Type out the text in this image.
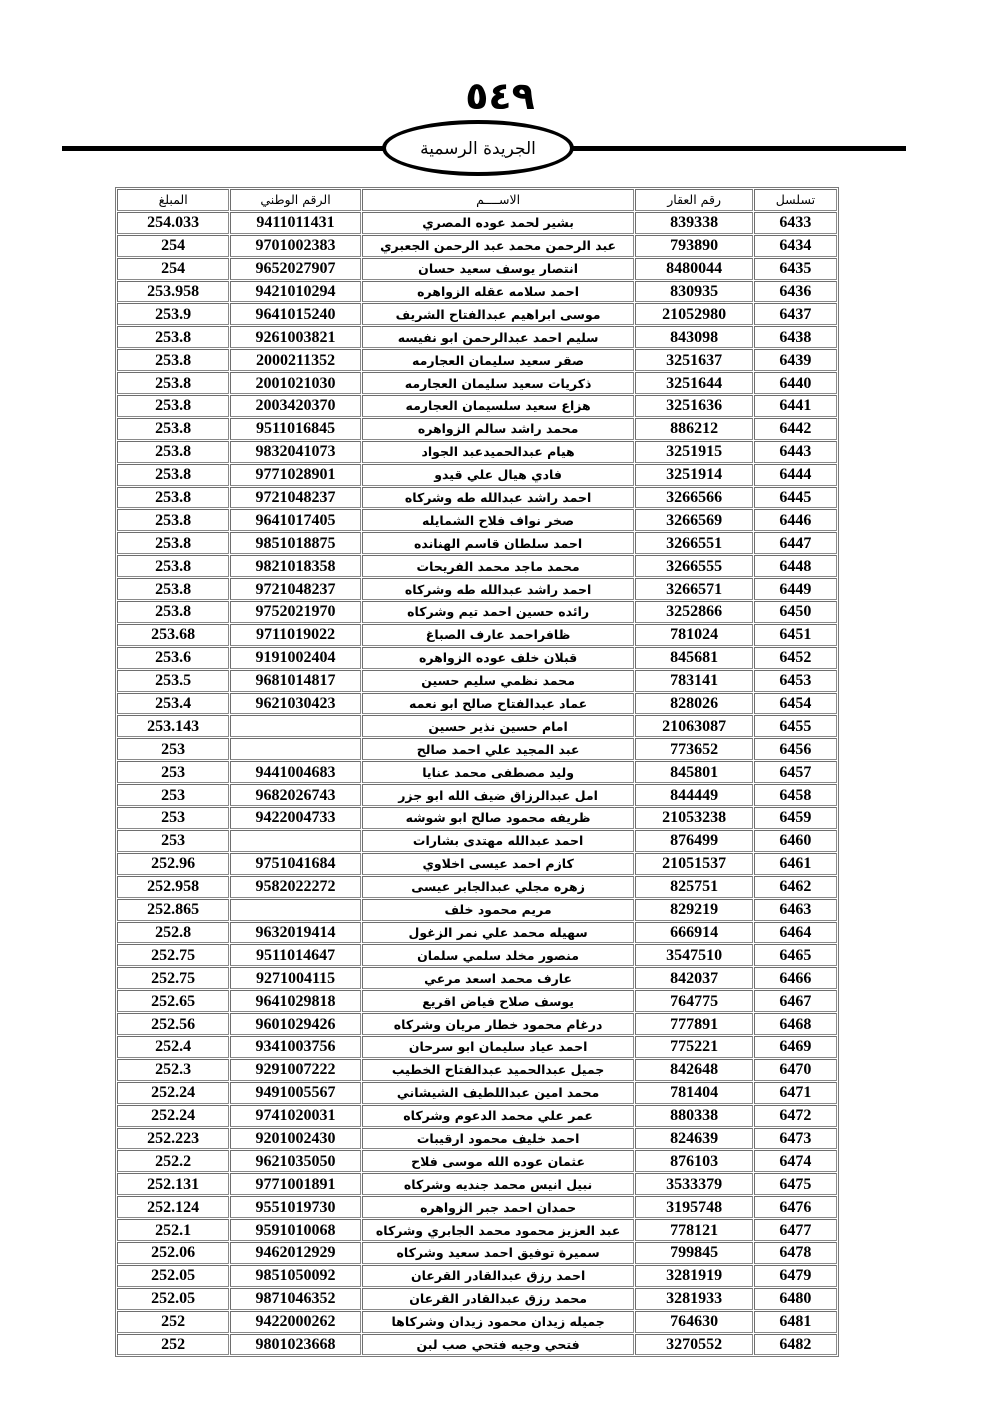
٥٤٩
الجريدة الرسمية
تسلسل	رقم العقار	الاســــم	الرقم الوطني	المبلغ
6433	839338	بشير لحمد عوده المصري	9411011431	254.033
6434	793890	عبد الرحمن محمد عبد الرحمن الجعبري	9701002383	254
6435	8480044	انتصار يوسف سعيد حسان	9652027907	254
6436	830935	احمد سلامه عقله الزواهره	9421010294	253.958
6437	21052980	موسى ابراهيم عبدالفتاح الشريف	9641015240	253.9
6438	843098	سليم احمد عبدالرحمن ابو نفيسه	9261003821	253.8
6439	3251637	صقر سعيد سليمان العجارمه	2000211352	253.8
6440	3251644	ذكريات سعيد سليمان العجارمه	2001021030	253.8
6441	3251636	هزاع سعيد سلسيمان العجارمه	2003420370	253.8
6442	886212	محمد راشد سالم الزواهره	9511016845	253.8
6443	3251915	هيام عبدالحميدعبد الجواد	9832041073	253.8
6444	3251914	فادي هيال علي قيدو	9771028901	253.8
6445	3266566	احمد راشد عبدالله طه وشركاه	9721048237	253.8
6446	3266569	صخر نواف فلاح الشمايله	9641017405	253.8
6447	3266551	احمد سلطان قاسم الهنانده	9851018875	253.8
6448	3266555	محمد ماجد محمد الفريحات	9821018358	253.8
6449	3266571	احمد راشد عبدالله طه وشركاه	9721048237	253.8
6450	3252866	رائده حسين احمد تيم وشركاه	9752021970	253.8
6451	781024	ظافراحمد عارف الصباغ	9711019022	253.68
6452	845681	قبلان خلف عوده الزواهره	9191002404	253.6
6453	783141	محمد نظمي سليم حسين	9681014817	253.5
6454	828026	عماد عبدالفتاح صالح ابو نعمه	9621030423	253.4
6455	21063087	امام حسين نذير حسين		253.143
6456	773652	عبد المجيد علي احمد صالح		253
6457	845801	وليد مصطفى محمد عنايا	9441004683	253
6458	844449	امل عبدالرزاق ضيف الله ابو جزر	9682026743	253
6459	21053238	ظريفه محمود صالح ابو شوشه	9422004733	253
6460	876499	احمد عبدالله مهتدى بشارات		253
6461	21051537	كازم احمد عيسى اخلاوي	9751041684	252.96
6462	825751	زهره مجلي عبدالجابر عيسى	9582022272	252.958
6463	829219	مريم محمود خلف		252.865
6464	666914	سهيله محمد علي نمر الزغول	9632019414	252.8
6465	3547510	منصور مخلد سلمي سلمان	9511014647	252.75
6466	842037	عارف محمد اسعد مرعي	9271004115	252.75
6467	764775	يوسف صلاح فياض اقريع	9641029818	252.65
6468	777891	درغام محمود خطار مريان وشركاه	9601029426	252.56
6469	775221	احمد عياد سليمان ابو سرحان	9341003756	252.4
6470	842648	جميل عبدالحميد عبدالفتاح الخطيب	9291007222	252.3
6471	781404	محمد امين عبداللطيف الشيشاني	9491005567	252.24
6472	880338	عمر علي محمد الدعوم وشركاه	9741020031	252.24
6473	824639	احمد خليف محمود ارقيبات	9201002430	252.223
6474	876103	عثمان عوده الله موسى فلاح	9621035050	252.2
6475	3533379	نبيل انيس محمد جنديه وشركاه	9771001891	252.131
6476	3195748	حمدان احمد جبر الزواهره	9551019730	252.124
6477	778121	عبد العزيز محمود محمد الجابري وشركاه	9591010068	252.1
6478	799845	سميرة توفيق احمد سعيد وشركاه	9462012929	252.06
6479	3281919	احمد رزق عبدالقادر القرعان	9851050092	252.05
6480	3281933	محمد رزق عبدالقادر القرعان	9871046352	252.05
6481	764630	جميله زيدان محمود زيدان وشركاها	9422000262	252
6482	3270552	فتحي وجيه فتحي صب لبن	9801023668	252
